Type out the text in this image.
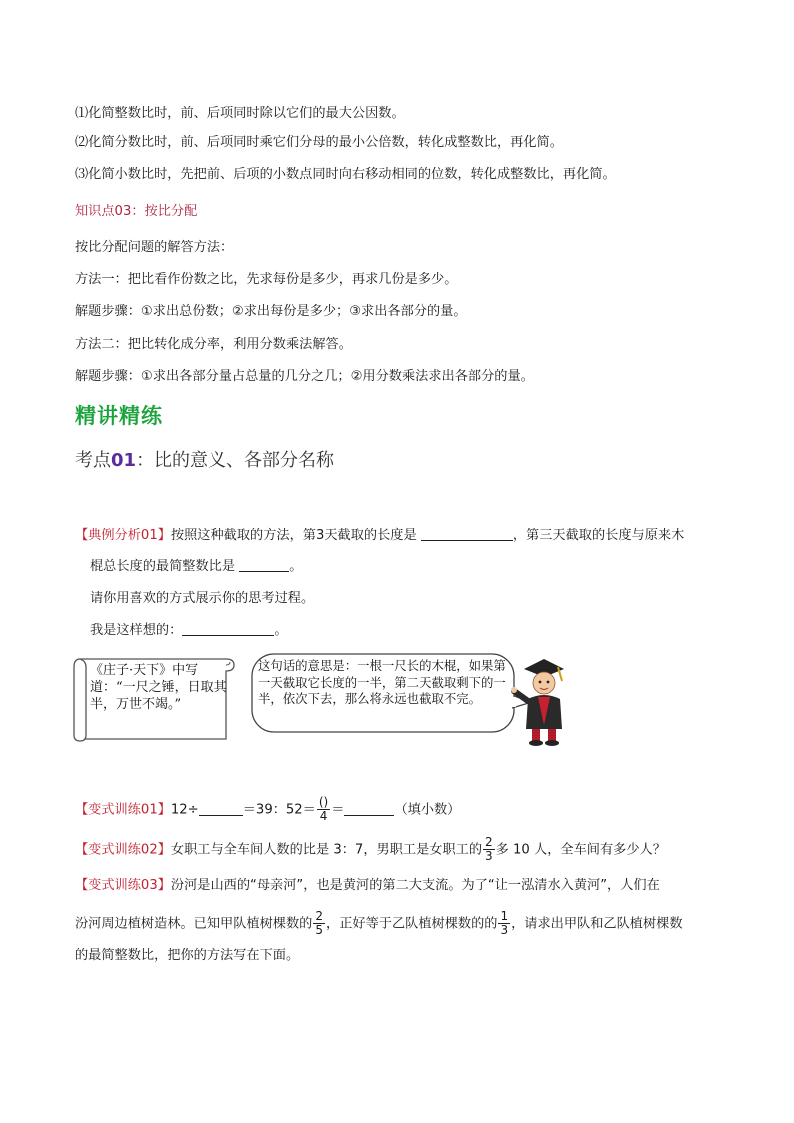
⑴化简整数比时，前、后项同时除以它们的最大公因数。
⑵化简分数比时，前、后项同时乘它们分母的最小公倍数，转化成整数比，再化简。
⑶化简小数比时，先把前、后项的小数点同时向右移动相同的位数，转化成整数比，再化简。
知识点03：按比分配
按比分配问题的解答方法：
方法一：把比看作份数之比，先求每份是多少，再求几份是多少。
解题步骤：①求出总份数；②求出每份是多少；③求出各部分的量。
方法二：把比转化成分率，利用分数乘法解答。
解题步骤：①求出各部分量占总量的几分之几；②用分数乘法求出各部分的量。
精讲精练
考点01：比的意义、各部分名称
【典例分析01】按照这种截取的方法，第3天截取的长度是	，第三天截取的长度与原来木
棍总长度的最简整数比是	。
请你用喜欢的方式展示你的思考过程。
我是这样想的：	。
《庄子·天下》中写道：“一尺之锤，日取其半，万世不竭。”
这句话的意思是：一根一尺长的木棍，如果第一天截取它长度的一半，第二天截取剩下的一半，依次下去，那么将永远也截取不完。
【变式训练01】12÷	＝39：$52= \frac{()}{4}$ ＝	（填小数）
【变式训练02】女职工与全车间人数的比是 3：7，男职工是女职工的 $\frac{2}{3}$ 多 10 人，全车间有多少人？
【变式训练03】汾河是山西的“母亲河”，也是黄河的第二大支流。为了“让一泓清水入黄河”，人们在
汾河周边植树造林。已知甲队植树棵数的 $\frac{2}{5}$ ，正好等于乙队植树棵数的的 $\frac{1}{3}$ ，请求出甲队和乙队植树棵数
的最简整数比，把你的方法写在下面。
